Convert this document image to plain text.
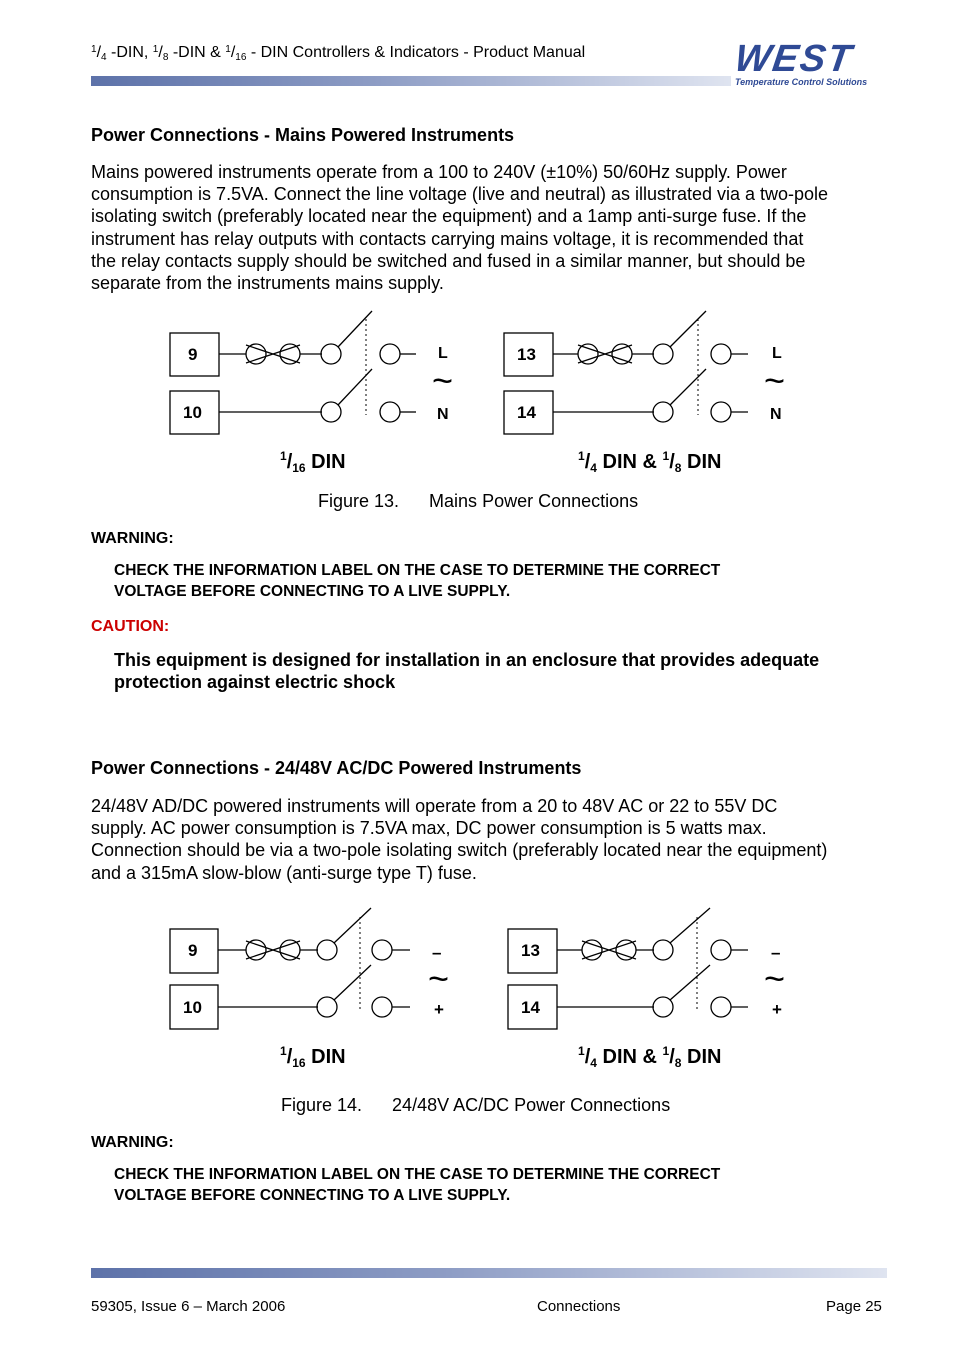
$^1/_4$ -DIN, $^1/_8$ -DIN & $^1/_{16}$ - DIN Controllers & Indicators - Product Manual	WEST
Temperature Control Solutions
Power Connections - Mains Powered Instruments
Mains powered instruments operate from a 100 to 240V (±10%) 50/60Hz supply. Power
consumption is 7.5VA. Connect the line voltage (live and neutral) as illustrated via a two-pole
isolating switch (preferably located near the equipment) and a 1amp anti-surge fuse. If the
instrument has relay outputs with contacts carrying mains voltage, it is recommended that
the relay contacts supply should be switched and fused in a similar manner, but should be
separate from the instruments mains supply.
9
10
13
14
L
N
L
N
~	~
$^1/_{16}$ DIN	$^1/_4$ DIN & $^1/_8$ DIN
Figure 13. Mains Power Connections
WARNING:
CHECK THE INFORMATION LABEL ON THE CASE TO DETERMINE THE CORRECT
VOLTAGE BEFORE CONNECTING TO A LIVE SUPPLY.
CAUTION:
This equipment is designed for installation in an enclosure that provides adequate
protection against electric shock
Power Connections - 24/48V AC/DC Powered Instruments
24/48V AD/DC powered instruments will operate from a 20 to 48V AC or 22 to 55V DC
supply. AC power consumption is 7.5VA max, DC power consumption is 5 watts max.
Connection should be via a two-pole isolating switch (preferably located near the equipment)
and a 315mA slow-blow (anti-surge type T) fuse.
9
10
13
14
–
+
–
+
~	~
$^1/_{16}$ DIN	$^1/_4$ DIN & $^1/_8$ DIN
Figure 14. 24/48V AC/DC Power Connections
WARNING:
CHECK THE INFORMATION LABEL ON THE CASE TO DETERMINE THE CORRECT
VOLTAGE BEFORE CONNECTING TO A LIVE SUPPLY.
59305, Issue 6 – March 2006	Connections	Page 25
